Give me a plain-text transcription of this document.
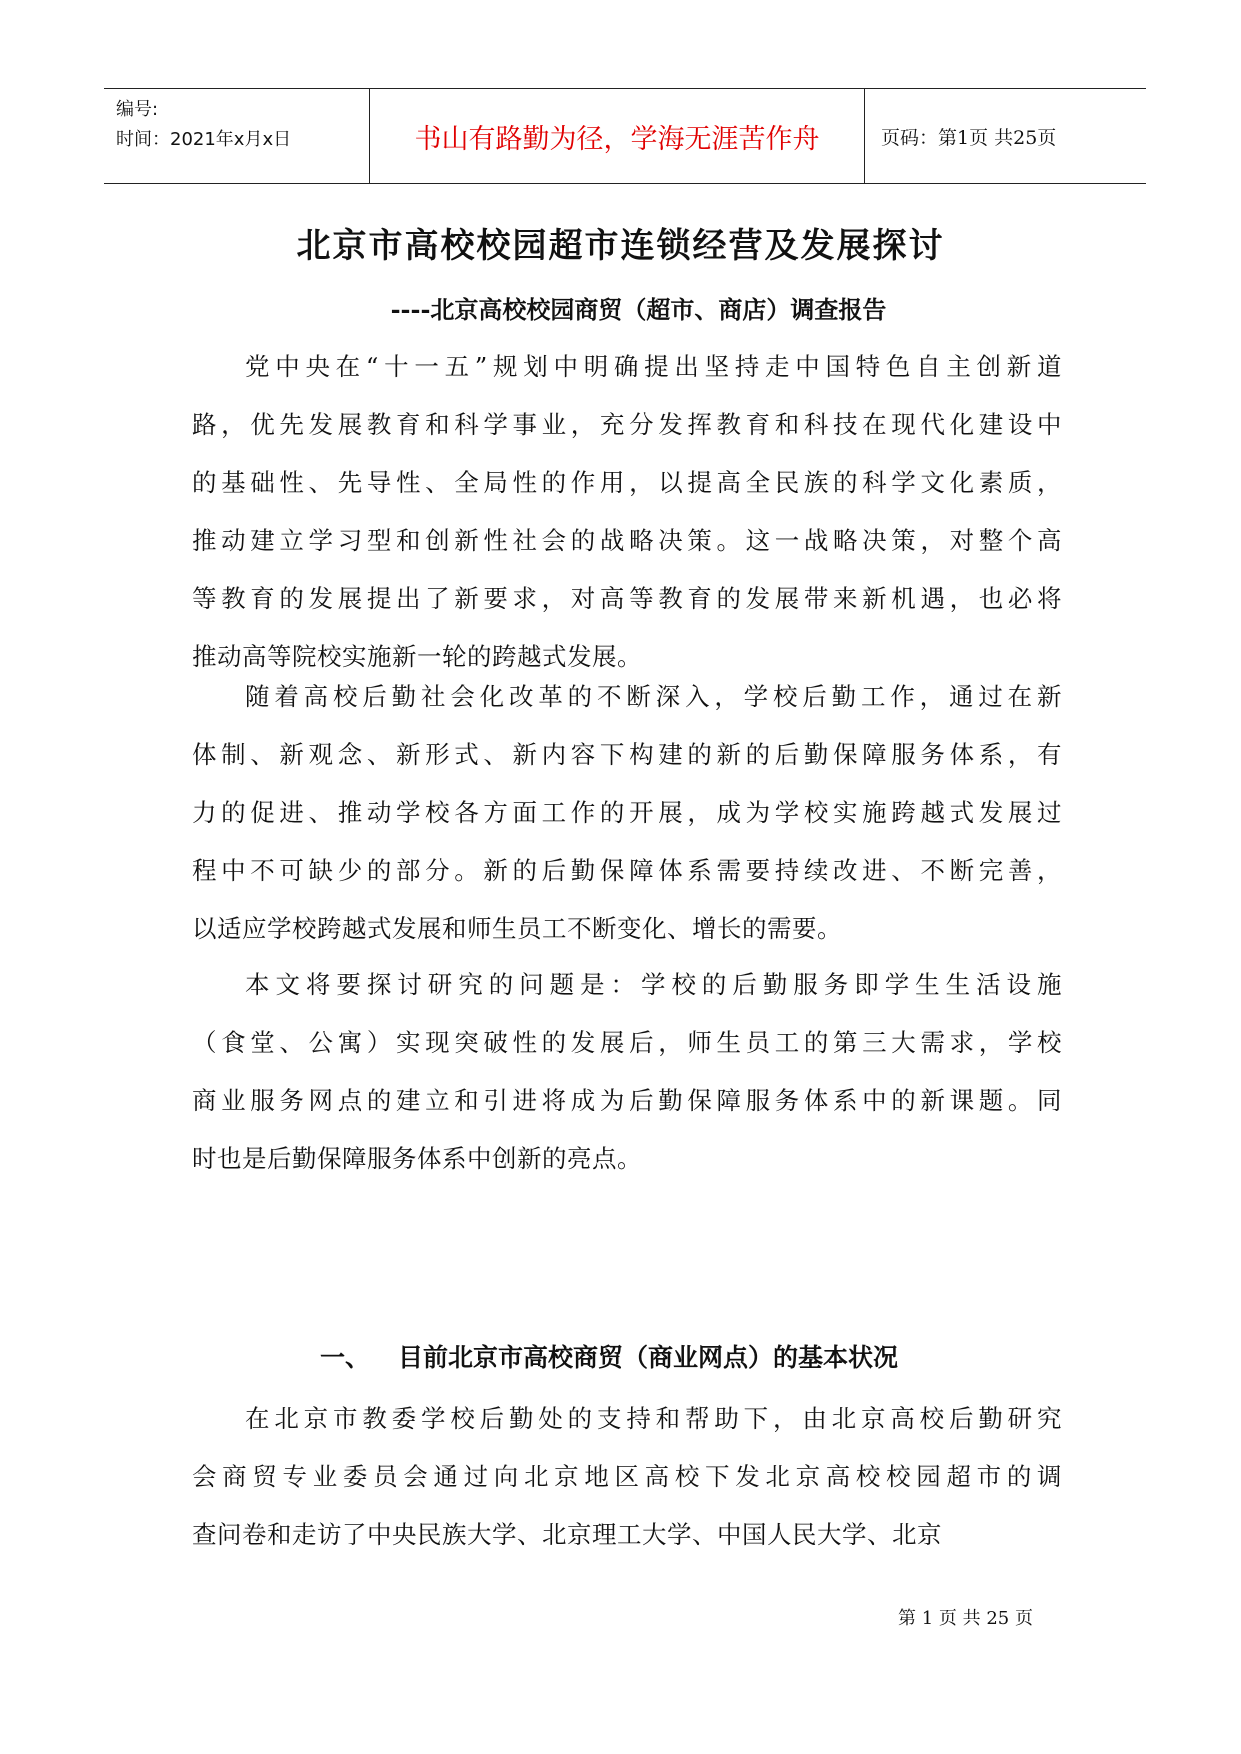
编号:
时间：2021年x月x日	书山有路勤为径，学海无涯苦作舟	页码：第1页 共25页
北京市高校校园超市连锁经营及发展探讨
----北京高校校园商贸（超市、商店）调查报告
党中央在“十一五”规划中明确提出坚持走中国特色自主创新道
路，优先发展教育和科学事业，充分发挥教育和科技在现代化建设中
的基础性、先导性、全局性的作用，以提高全民族的科学文化素质，
推动建立学习型和创新性社会的战略决策。这一战略决策，对整个高
等教育的发展提出了新要求，对高等教育的发展带来新机遇，也必将
推动高等院校实施新一轮的跨越式发展。
随着高校后勤社会化改革的不断深入，学校后勤工作，通过在新
体制、新观念、新形式、新内容下构建的新的后勤保障服务体系，有
力的促进、推动学校各方面工作的开展，成为学校实施跨越式发展过
程中不可缺少的部分。新的后勤保障体系需要持续改进、不断完善，
以适应学校跨越式发展和师生员工不断变化、增长的需要。
本文将要探讨研究的问题是：学校的后勤服务即学生生活设施
（食堂、公寓）实现突破性的发展后，师生员工的第三大需求，学校
商业服务网点的建立和引进将成为后勤保障服务体系中的新课题。同
时也是后勤保障服务体系中创新的亮点。
在北京市教委学校后勤处的支持和帮助下，由北京高校后勤研究
会商贸专业委员会通过向北京地区高校下发北京高校校园超市的调
查问卷和走访了中央民族大学、北京理工大学、中国人民大学、北京
一、 目前北京市高校商贸（商业网点）的基本状况
第 1 页 共 25 页
